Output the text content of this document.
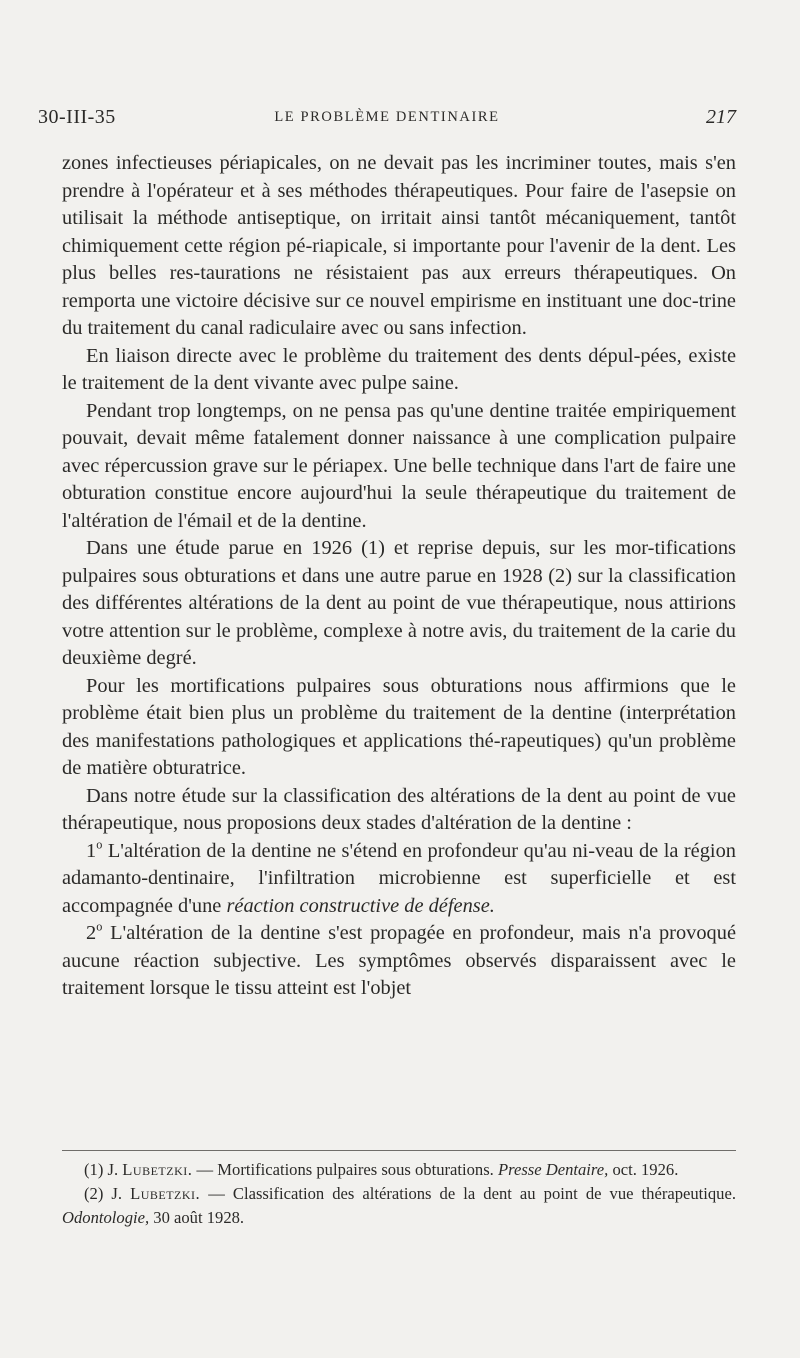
30-III-35	LE PROBLÈME DENTINAIRE	217

zones infectieuses périapicales, on ne devait pas les incriminer toutes, mais s'en prendre à l'opérateur et à ses méthodes thérapeutiques. Pour faire de l'asepsie on utilisait la méthode antiseptique, on irritait ainsi tantôt mécaniquement, tantôt chimiquement cette région pé-riapicale, si importante pour l'avenir de la dent. Les plus belles res-taurations ne résistaient pas aux erreurs thérapeutiques. On remporta une victoire décisive sur ce nouvel empirisme en instituant une doc-trine du traitement du canal radiculaire avec ou sans infection.

En liaison directe avec le problème du traitement des dents dépul-pées, existe le traitement de la dent vivante avec pulpe saine.

Pendant trop longtemps, on ne pensa pas qu'une dentine traitée empiriquement pouvait, devait même fatalement donner naissance à une complication pulpaire avec répercussion grave sur le périapex. Une belle technique dans l'art de faire une obturation constitue encore aujourd'hui la seule thérapeutique du traitement de l'altération de l'émail et de la dentine.

Dans une étude parue en 1926 (1) et reprise depuis, sur les mor-tifications pulpaires sous obturations et dans une autre parue en 1928 (2) sur la classification des différentes altérations de la dent au point de vue thérapeutique, nous attirions votre attention sur le problème, complexe à notre avis, du traitement de la carie du deuxième degré.

Pour les mortifications pulpaires sous obturations nous affirmions que le problème était bien plus un problème du traitement de la dentine (interprétation des manifestations pathologiques et applications thé-rapeutiques) qu'un problème de matière obturatrice.

Dans notre étude sur la classification des altérations de la dent au point de vue thérapeutique, nous proposions deux stades d'altération de la dentine :

1$^o$ L'altération de la dentine ne s'étend en profondeur qu'au ni-veau de la région adamanto-dentinaire, l'infiltration microbienne est superficielle et est accompagnée d'une réaction constructive de défense.

2$^o$ L'altération de la dentine s'est propagée en profondeur, mais n'a provoqué aucune réaction subjective. Les symptômes observés disparaissent avec le traitement lorsque le tissu atteint est l'objet

(1) J. Lubetzki. — Mortifications pulpaires sous obturations. Presse Dentaire, oct. 1926.

(2) J. Lubetzki. — Classification des altérations de la dent au point de vue thérapeutique. Odontologie, 30 août 1928.
